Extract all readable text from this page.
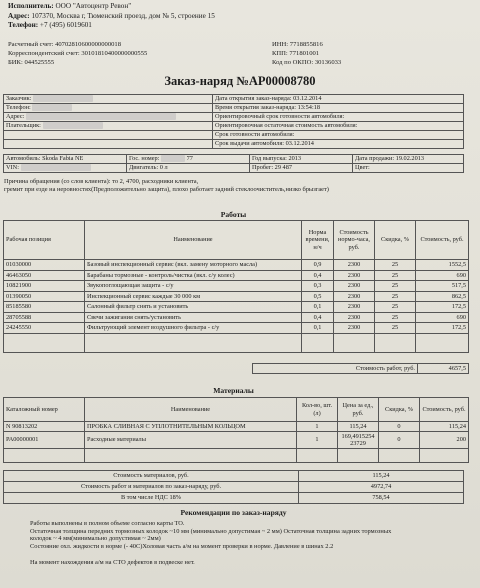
Исполнитель: ООО "Автоцентр Ревон"
Адрес: 107370, Москва г, Тюменский проезд, дом № 5, строение 15
Телефон: +7 (495) 6019601
Расчетный счет: 40702810600000000018
Корреспондентский счет: 30101810400000000555
БИК: 044525555
ИНН: 7718855816
КПП: 771801001
Код по ОКПО: 30136033
Заказ-наряд №АР00008780
Заказчик:	Дата открытия заказ-наряда: 03.12.2014
Телефон:	Время открытия заказ-наряда: 13:54:18
Адрес:	Ориентировочный срок готовности автомобиля:
Плательщик:	Ориентировочная остаточная стоимость автомобиля:
	Срок готовности автомобиля:
	Срок выдачи автомобиля: 03.12.2014
Автомобиль: Skoda Fabia NE	Гос. номер: 77	Год выпуска: 2013	Дата продажи: 19.02.2013
VIN:	Двигатель: 0 л	Пробег: 29 487	Цвет:
Причина обращения (со слов клиента): то 2, 4700, расходники клиента,
гремит при езде на неровностях(Предположительно защита), плохо работает задний стеклоочиститель,низко брызгает)
Работы
Рабочая позиция	Наименование	Норма времени, н/ч	Стоимость нормо-часа, руб.	Скидка, %	Стоимость, руб.
01030000	Базовый инспекционный сервис (вкл. замену моторного масла)	0,9	2300	25	1552,5
46463050	Барабаны тормозные - контроль/чистка (вкл. с/у колес)	0,4	2300	25	690
10821900	Звукопоглощающая защита - с/у	0,3	2300	25	517,5
01390050	Инспекционный сервис каждые 30 000 км	0,5	2300	25	862,5
85185580	Салонный фильтр снять и установить	0,1	2300	25	172,5
28705588	Свечи зажигания снять/установить	0,4	2300	25	690
24245550	Фильтрующий элемент воздушного фильтра - с/у	0,1	2300	25	172,5

Стоимость работ, руб.	4657,5
Материалы
Каталожный номер	Наименование	Кол-во, шт. (л)	Цена за ед., руб.	Скидка, %	Стоимость, руб.
N 90813202	ПРОБКА СЛИВНАЯ С УПЛОТНИТЕЛЬНЫМ КОЛЬЦОМ	1	115,24	0	115,24
РА00000001	Расходные материалы	1	169,4915254 23729	0	200

Стоимость материалов, руб.	115,24
Стоимость работ и материалов по заказ-наряду, руб.	4972,74
В том числе НДС 18%	758,54
Рекомендации по заказ-наряду
Работы выполнены в полном объеме согласно карты ТО.
Остаточная толщина передних тормозных колодок ~10 мм (минимально допустимая ~ 2 мм) Остаточная толщина задних тормозных
колодок ~ 4 мм(минимально допустимая ~ 2мм)
Состояние охл. жидкости в норме (- 40С)Холовая часть а/м на момент проверки в норме. Давление в шинах 2.2
На момент нахождения а/м на СТО дефектов в подвеске нет.
